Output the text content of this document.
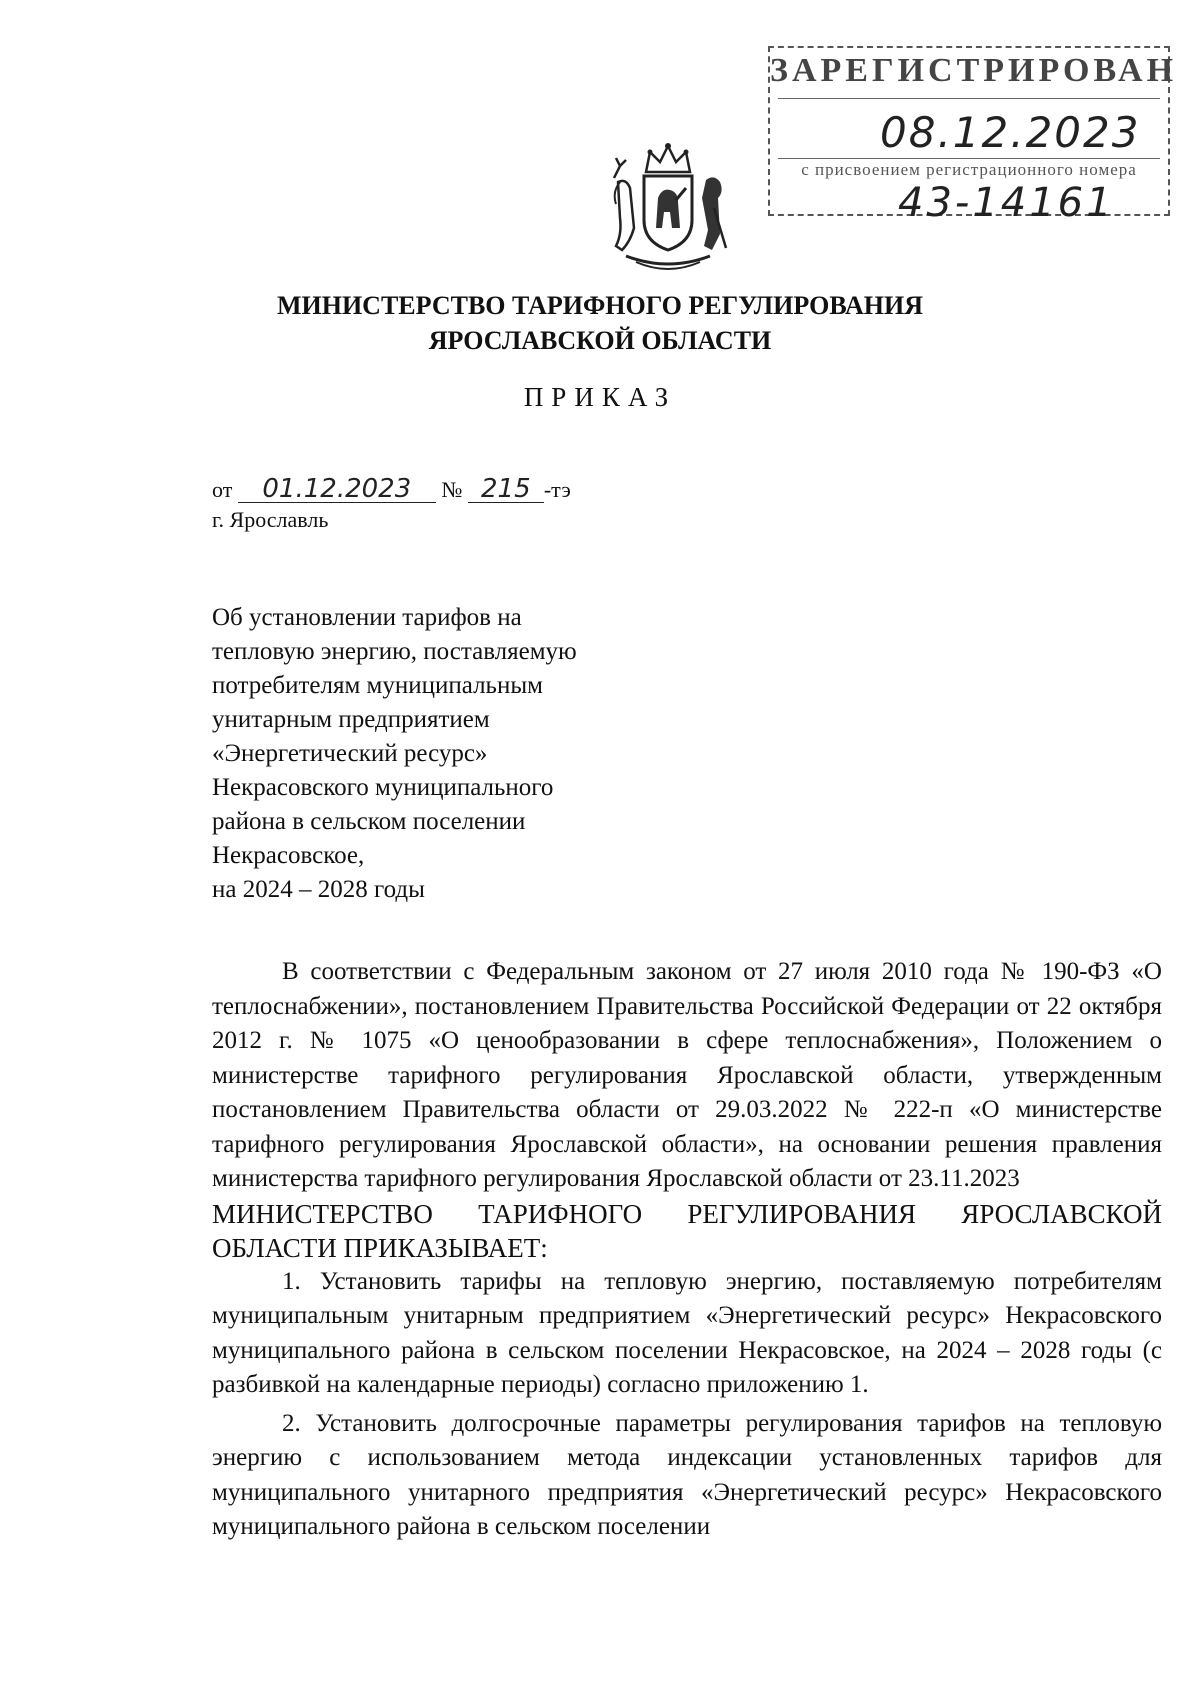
ЗАРЕГИСТРИРОВАН
08.12.2023
с присвоением регистрационного номера
43-14161
МИНИСТЕРСТВО ТАРИФНОГО РЕГУЛИРОВАНИЯ
ЯРОСЛАВСКОЙ ОБЛАСТИ
ПРИКАЗ
от 01.12.2023 № 215 -тэ
г. Ярославль
Об установлении тарифов на
тепловую энергию, поставляемую
потребителям муниципальным
унитарным предприятием
«Энергетический ресурс»
Некрасовского муниципального
района в сельском поселении
Некрасовское,
на 2024 – 2028 годы

В соответствии с Федеральным законом от 27 июля 2010 года № 190-ФЗ «О теплоснабжении», постановлением Правительства Российской Федерации от 22 октября 2012 г. № 1075 «О ценообразовании в сфере теплоснабжения», Положением о министерстве тарифного регулирования Ярославской области, утвержденным постановлением Правительства области от 29.03.2022 № 222-п «О министерстве тарифного регулирования Ярославской области», на основании решения правления министерства тарифного регулирования Ярославской области от 23.11.2023

МИНИСТЕРСТВО ТАРИФНОГО РЕГУЛИРОВАНИЯ ЯРОСЛАВСКОЙ ОБЛАСТИ ПРИКАЗЫВАЕТ:

1. Установить тарифы на тепловую энергию, поставляемую потребителям муниципальным унитарным предприятием «Энергетический ресурс» Некрасовского муниципального района в сельском поселении Некрасовское, на 2024 – 2028 годы (с разбивкой на календарные периоды) согласно приложению 1.

2. Установить долгосрочные параметры регулирования тарифов на тепловую энергию с использованием метода индексации установленных тарифов для муниципального унитарного предприятия «Энергетический ресурс» Некрасовского муниципального района в сельском поселении
